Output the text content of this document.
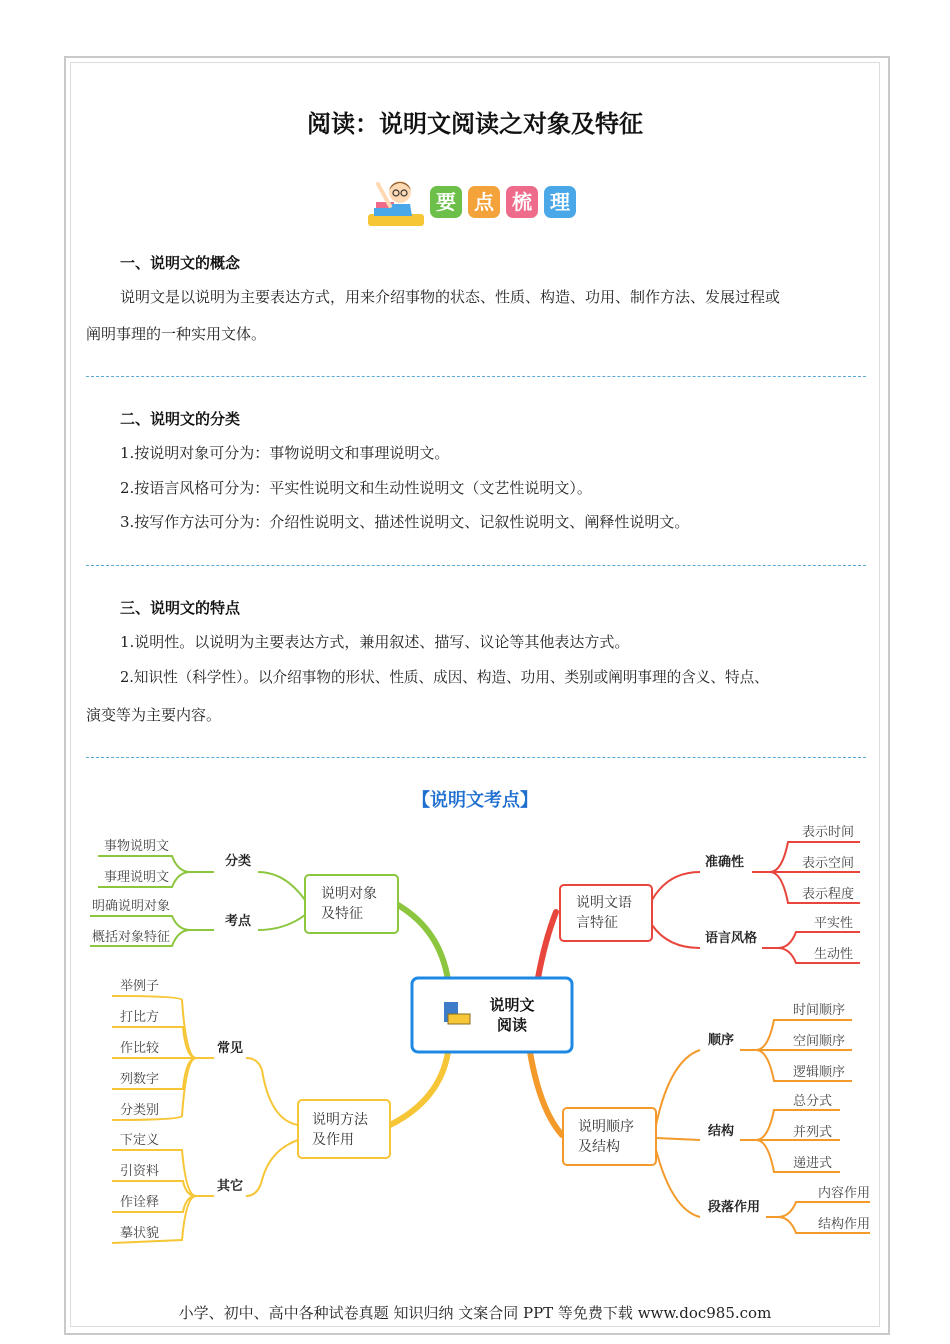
阅读：说明文阅读之对象及特征
要 点 梳 理
一、说明文的概念
说明文是以说明为主要表达方式，用来介绍事物的状态、性质、构造、功用、制作方法、发展过程或
阐明事理的一种实用文体。
二、说明文的分类
1.按说明对象可分为：事物说明文和事理说明文。
2.按语言风格可分为：平实性说明文和生动性说明文（文艺性说明文）。
3.按写作方法可分为：介绍性说明文、描述性说明文、记叙性说明文、阐释性说明文。
三、说明文的特点
1.说明性。以说明为主要表达方式，兼用叙述、描写、议论等其他表达方式。
2.知识性（科学性）。以介绍事物的形状、性质、成因、构造、功用、类别或阐明事理的含义、特点、
演变等为主要内容。
【说明文考点】
说明文
阅读
说明对象
及特征
说明文语
言特征
说明方法
及作用
说明顺序
及结构
分类
考点
准确性
语言风格
常见
其它
顺序
结构
段落作用
事物说明文
事理说明文
明确说明对象
概括对象特征
表示时间
表示空间
表示程度
平实性
生动性
举例子
打比方
作比较
列数字
分类别
下定义
引资料
作诠释
摹状貌
时间顺序
空间顺序
逻辑顺序
总分式
并列式
递进式
内容作用
结构作用
小学、初中、高中各种试卷真题 知识归纳 文案合同 PPT 等免费下载 www.doc985.com
